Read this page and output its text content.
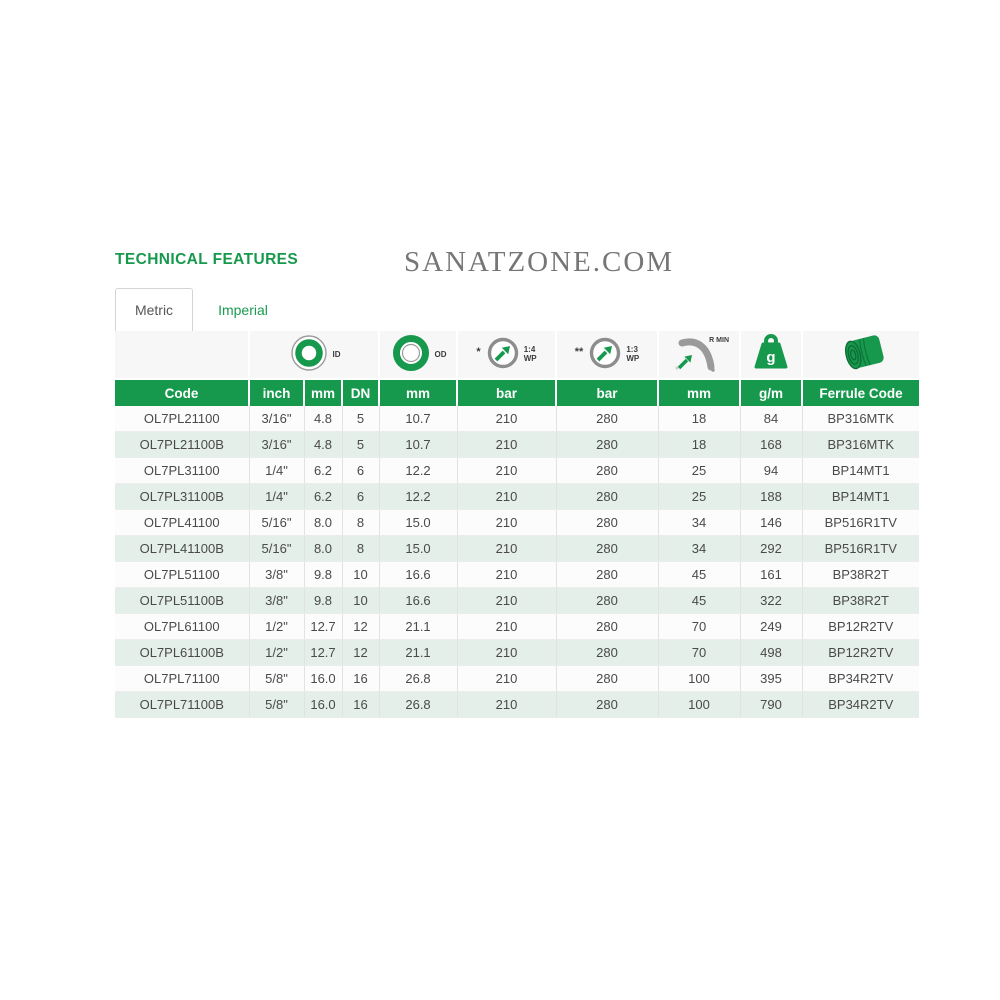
TECHNICAL FEATURES	SANATZONE.COM
Metric	Imperial

	ID			OD	* 1:4
WP	** 1:3
WP	R MIN	g

Code	inch	mm	DN	mm	bar	bar	mm	g/m	Ferrule Code
OL7PL21100	3/16"	4.8	5	10.7	210	280	18	84	BP316MTK
OL7PL21100B	3/16"	4.8	5	10.7	210	280	18	168	BP316MTK
OL7PL31100	1/4"	6.2	6	12.2	210	280	25	94	BP14MT1
OL7PL31100B	1/4"	6.2	6	12.2	210	280	25	188	BP14MT1
OL7PL41100	5/16"	8.0	8	15.0	210	280	34	146	BP516R1TV
OL7PL41100B	5/16"	8.0	8	15.0	210	280	34	292	BP516R1TV
OL7PL51100	3/8"	9.8	10	16.6	210	280	45	161	BP38R2T
OL7PL51100B	3/8"	9.8	10	16.6	210	280	45	322	BP38R2T
OL7PL61100	1/2"	12.7	12	21.1	210	280	70	249	BP12R2TV
OL7PL61100B	1/2"	12.7	12	21.1	210	280	70	498	BP12R2TV
OL7PL71100	5/8"	16.0	16	26.8	210	280	100	395	BP34R2TV
OL7PL71100B	5/8"	16.0	16	26.8	210	280	100	790	BP34R2TV
